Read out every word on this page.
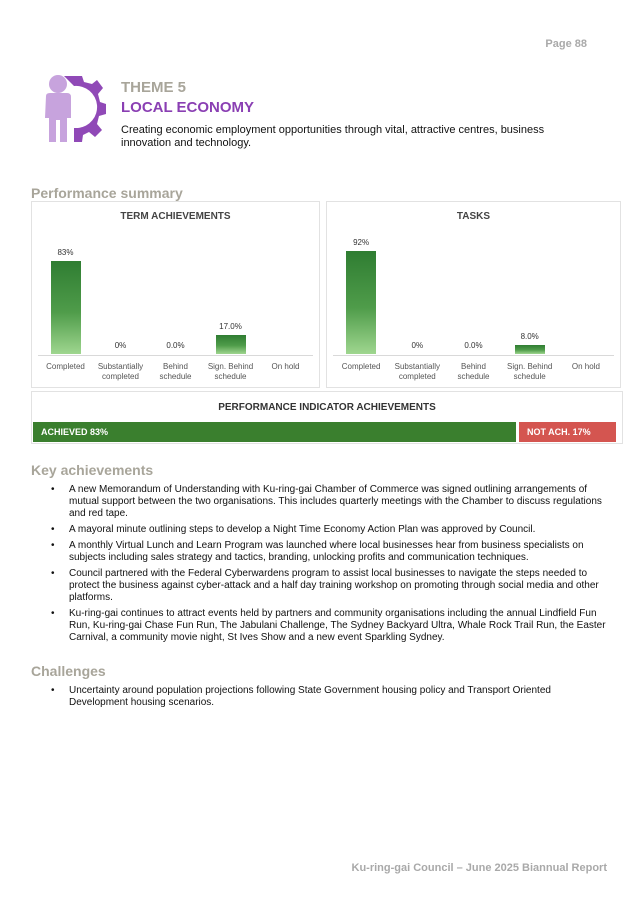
Page 88
THEME 5
LOCAL ECONOMY
Creating economic employment opportunities through vital, attractive centres, business innovation and technology.
Performance summary
TERM ACHIEVEMENTS
83%
Completed
0%
Substantially
completed
0.0%
Behind
schedule
17.0%
Sign. Behind
schedule
On hold
TASKS
92%
Completed
0%
Substantially
completed
0.0%
Behind
schedule
8.0%
Sign. Behind
schedule
On hold
PERFORMANCE INDICATOR ACHIEVEMENTS
ACHIEVED 83%	NOT ACH. 17%
Key achievements
• A new Memorandum of Understanding with Ku-ring-gai Chamber of Commerce was signed outlining arrangements of mutual support between the two organisations. This includes quarterly meetings with the Chamber to discuss regulations and red tape.
• A mayoral minute outlining steps to develop a Night Time Economy Action Plan was approved by Council.
• A monthly Virtual Lunch and Learn Program was launched where local businesses hear from business specialists on subjects including sales strategy and tactics, branding, unlocking profits and communication techniques.
• Council partnered with the Federal Cyberwardens program to assist local businesses to navigate the steps needed to protect the business against cyber-attack and a half day training workshop on promoting through social media and other platforms.
• Ku-ring-gai continues to attract events held by partners and community organisations including the annual Lindfield Fun Run, Ku-ring-gai Chase Fun Run, The Jabulani Challenge, The Sydney Backyard Ultra, Whale Rock Trail Run, the Easter Carnival, a community movie night, St Ives Show and a new event Sparkling Sydney.
Challenges
• Uncertainty around population projections following State Government housing policy and Transport Oriented Development housing scenarios.
Ku-ring-gai Council – June 2025 Biannual Report
